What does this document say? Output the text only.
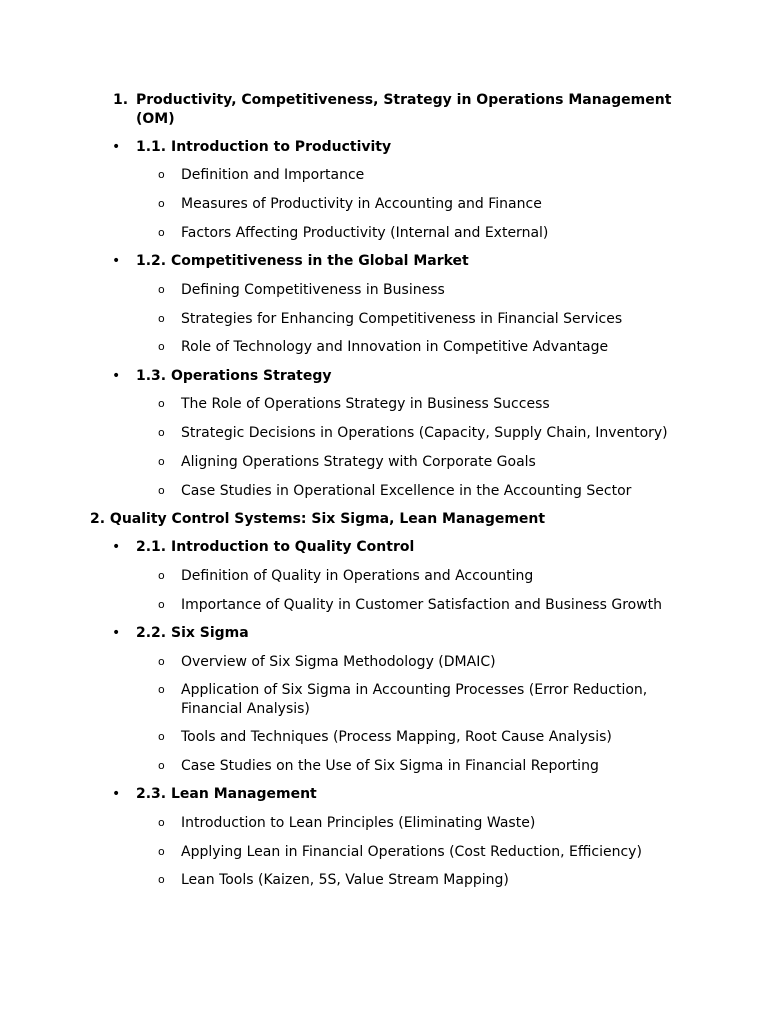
1. Productivity, Competitiveness, Strategy in Operations Management
(OM)
• 1.1. Introduction to Productivity
o Definition and Importance
o Measures of Productivity in Accounting and Finance
o Factors Affecting Productivity (Internal and External)
• 1.2. Competitiveness in the Global Market
o Defining Competitiveness in Business
o Strategies for Enhancing Competitiveness in Financial Services
o Role of Technology and Innovation in Competitive Advantage
• 1.3. Operations Strategy
o The Role of Operations Strategy in Business Success
o Strategic Decisions in Operations (Capacity, Supply Chain, Inventory)
o Aligning Operations Strategy with Corporate Goals
o Case Studies in Operational Excellence in the Accounting Sector
2. Quality Control Systems: Six Sigma, Lean Management
• 2.1. Introduction to Quality Control
o Definition of Quality in Operations and Accounting
o Importance of Quality in Customer Satisfaction and Business Growth
• 2.2. Six Sigma
o Overview of Six Sigma Methodology (DMAIC)
o Application of Six Sigma in Accounting Processes (Error Reduction,
Financial Analysis)
o Tools and Techniques (Process Mapping, Root Cause Analysis)
o Case Studies on the Use of Six Sigma in Financial Reporting
• 2.3. Lean Management
o Introduction to Lean Principles (Eliminating Waste)
o Applying Lean in Financial Operations (Cost Reduction, Efficiency)
o Lean Tools (Kaizen, 5S, Value Stream Mapping)
